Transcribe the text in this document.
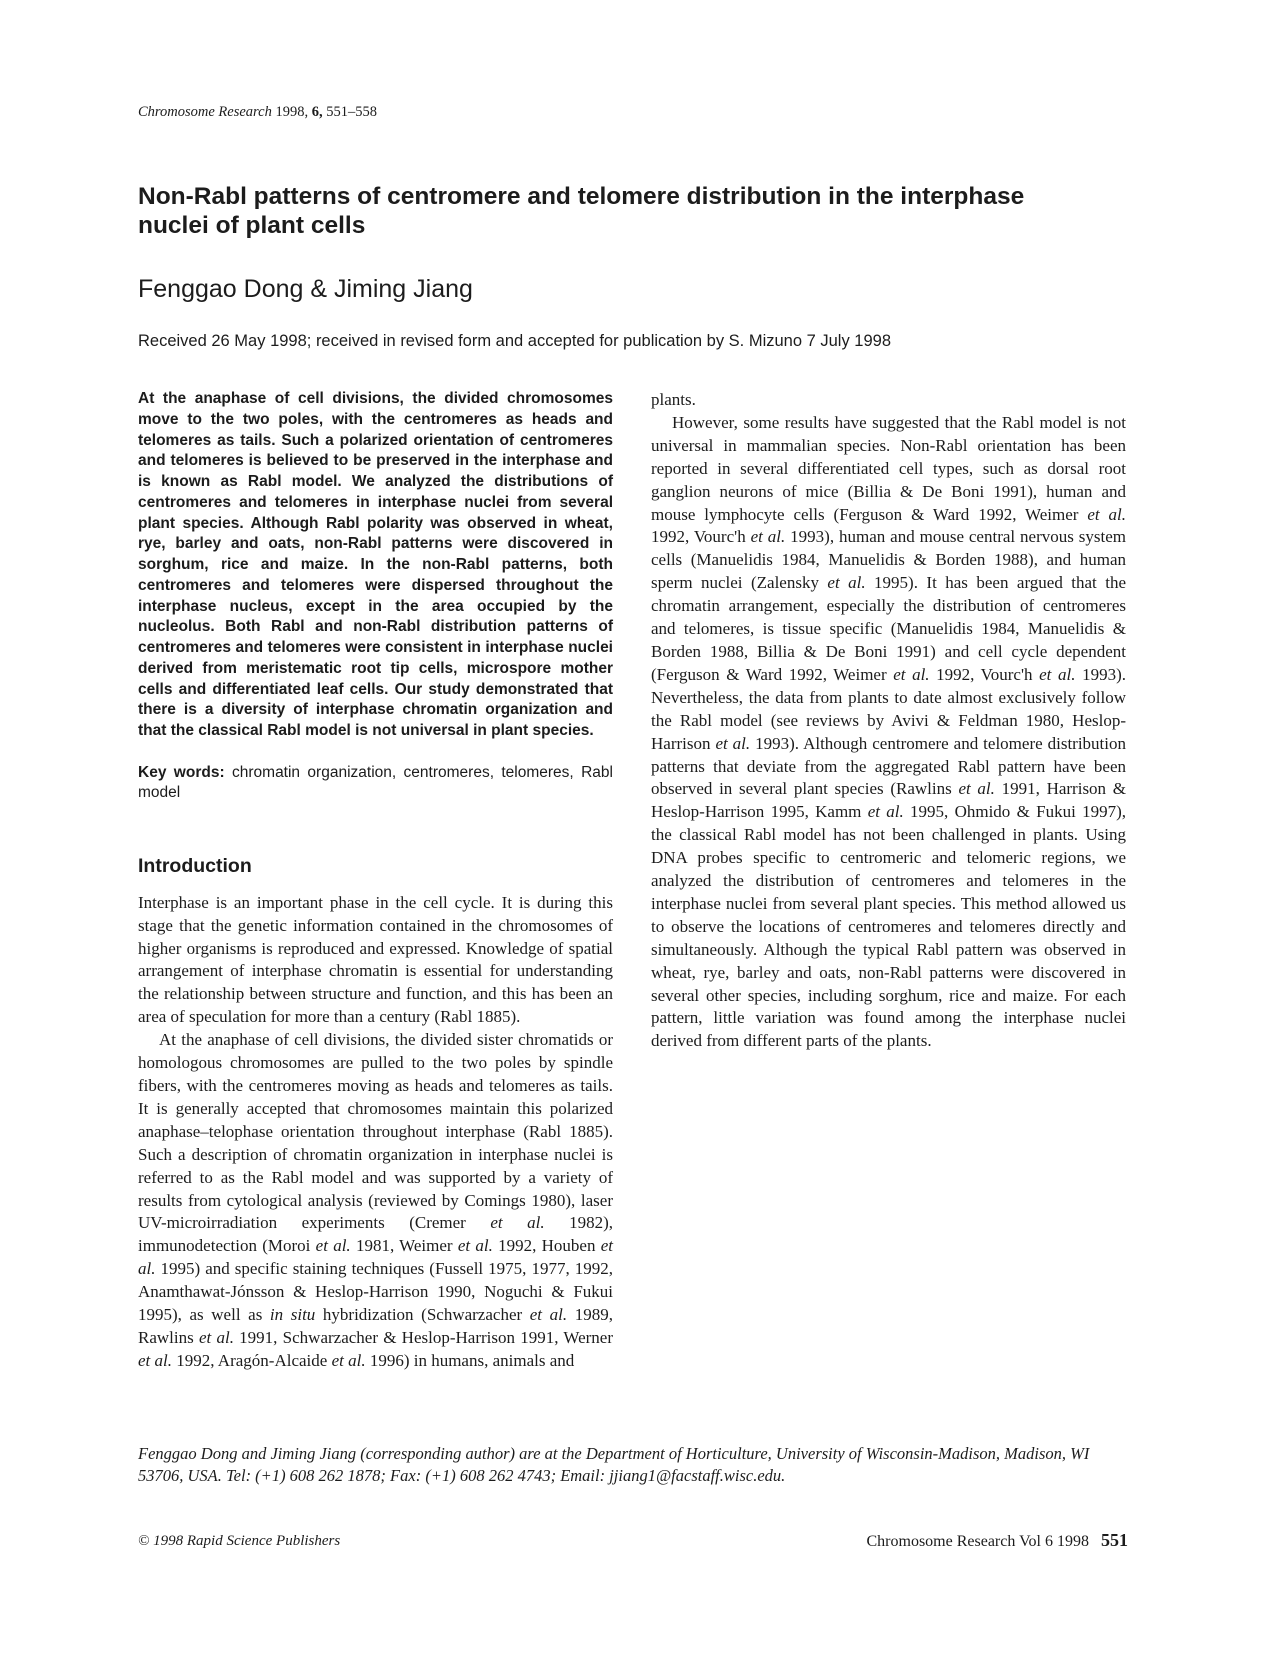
Chromosome Research 1998, 6, 551–558
Non-Rabl patterns of centromere and telomere distribution in the interphase nuclei of plant cells

Fenggao Dong & Jiming Jiang

Received 26 May 1998; received in revised form and accepted for publication by S. Mizuno 7 July 1998

At the anaphase of cell divisions, the divided chromosomes move to the two poles, with the centromeres as heads and telomeres as tails. Such a polarized orientation of centromeres and telomeres is believed to be preserved in the interphase and is known as Rabl model. We analyzed the distributions of centromeres and telomeres in interphase nuclei from several plant species. Although Rabl polarity was observed in wheat, rye, barley and oats, non-Rabl patterns were discovered in sorghum, rice and maize. In the non-Rabl patterns, both centromeres and telomeres were dispersed throughout the interphase nucleus, except in the area occupied by the nucleolus. Both Rabl and non-Rabl distribution patterns of centromeres and telomeres were consistent in interphase nuclei derived from meristematic root tip cells, microspore mother cells and differentiated leaf cells. Our study demonstrated that there is a diversity of interphase chromatin organization and that the classical Rabl model is not universal in plant species.

Key words: chromatin organization, centromeres, telomeres, Rabl model

Introduction

Interphase is an important phase in the cell cycle. It is during this stage that the genetic information contained in the chromosomes of higher organisms is reproduced and expressed. Knowledge of spatial arrangement of interphase chromatin is essential for understanding the relationship between structure and function, and this has been an area of speculation for more than a century (Rabl 1885).

At the anaphase of cell divisions, the divided sister chromatids or homologous chromosomes are pulled to the two poles by spindle fibers, with the centromeres moving as heads and telomeres as tails. It is generally accepted that chromosomes maintain this polarized anaphase–telophase orientation throughout interphase (Rabl 1885). Such a description of chromatin organization in interphase nuclei is referred to as the Rabl model and was supported by a variety of results from cytological analysis (reviewed by Comings 1980), laser UV-microirradiation experiments (Cremer et al. 1982), immunodetection (Moroi et al. 1981, Weimer et al. 1992, Houben et al. 1995) and specific staining techniques (Fussell 1975, 1977, 1992, Anamthawat-Jónsson & Heslop-Harrison 1990, Noguchi & Fukui 1995), as well as in situ hybridization (Schwarzacher et al. 1989, Rawlins et al. 1991, Schwarzacher & Heslop-Harrison 1991, Werner et al. 1992, Aragón-Alcaide et al. 1996) in humans, animals and

plants.

However, some results have suggested that the Rabl model is not universal in mammalian species. Non-Rabl orientation has been reported in several differentiated cell types, such as dorsal root ganglion neurons of mice (Billia & De Boni 1991), human and mouse lymphocyte cells (Ferguson & Ward 1992, Weimer et al. 1992, Vourc'h et al. 1993), human and mouse central nervous system cells (Manuelidis 1984, Manuelidis & Borden 1988), and human sperm nuclei (Zalensky et al. 1995). It has been argued that the chromatin arrangement, especially the distribution of centromeres and telomeres, is tissue specific (Manuelidis 1984, Manuelidis & Borden 1988, Billia & De Boni 1991) and cell cycle dependent (Ferguson & Ward 1992, Weimer et al. 1992, Vourc'h et al. 1993). Nevertheless, the data from plants to date almost exclusively follow the Rabl model (see reviews by Avivi & Feldman 1980, Heslop-Harrison et al. 1993). Although centromere and telomere distribution patterns that deviate from the aggregated Rabl pattern have been observed in several plant species (Rawlins et al. 1991, Harrison & Heslop-Harrison 1995, Kamm et al. 1995, Ohmido & Fukui 1997), the classical Rabl model has not been challenged in plants. Using DNA probes specific to centromeric and telomeric regions, we analyzed the distribution of centromeres and telomeres in the interphase nuclei from several plant species. This method allowed us to observe the locations of centromeres and telomeres directly and simultaneously. Although the typical Rabl pattern was observed in wheat, rye, barley and oats, non-Rabl patterns were discovered in several other species, including sorghum, rice and maize. For each pattern, little variation was found among the interphase nuclei derived from different parts of the plants.

Fenggao Dong and Jiming Jiang (corresponding author) are at the Department of Horticulture, University of Wisconsin-Madison, Madison, WI 53706, USA. Tel: (+1) 608 262 1878; Fax: (+1) 608 262 4743; Email: jjiang1@facstaff.wisc.edu.

© 1998 Rapid Science Publishers	Chromosome Research Vol 6 1998 551
